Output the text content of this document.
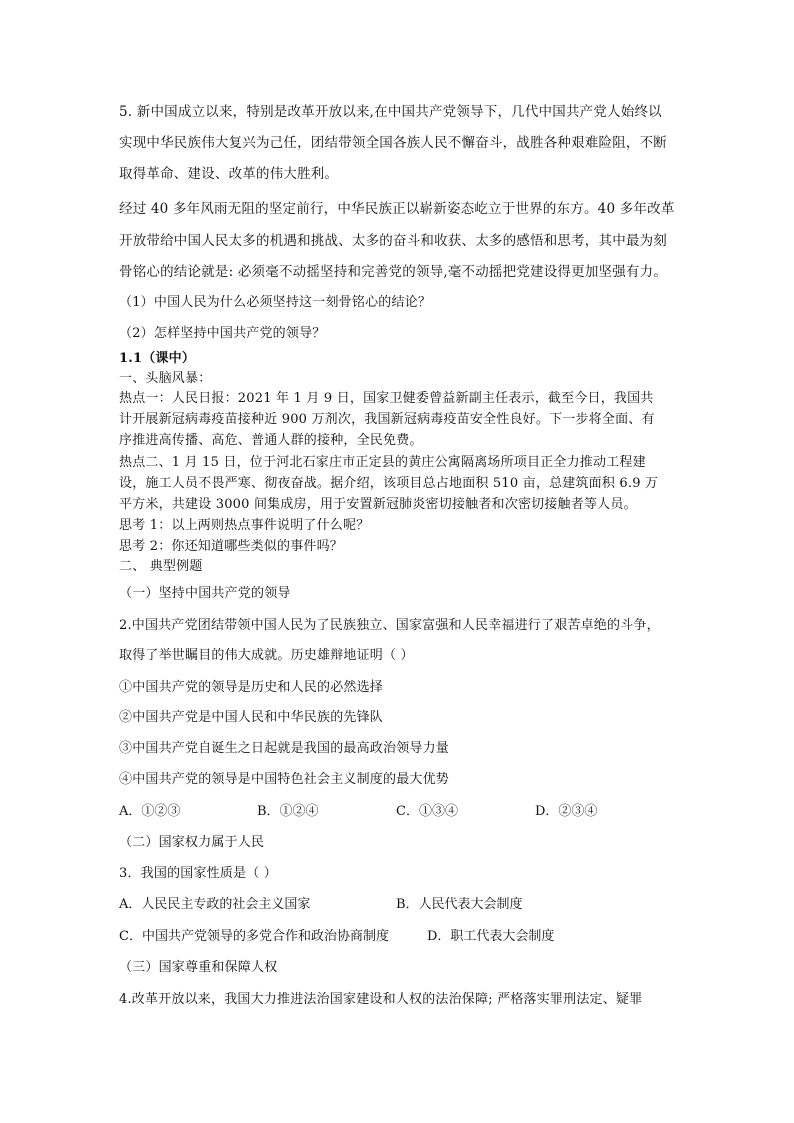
5. 新中国成立以来，特别是改革开放以来,在中国共产党领导下，几代中国共产党人始终以
实现中华民族伟大复兴为己任，团结带领全国各族人民不懈奋斗，战胜各种艰难险阻，不断
取得革命、建设、改革的伟大胜利。
经过 40 多年风雨无阻的坚定前行，中华民族正以崭新姿态屹立于世界的东方。40 多年改革
开放带给中国人民太多的机遇和挑战、太多的奋斗和收获、太多的感悟和思考，其中最为刻
骨铭心的结论就是: 必须毫不动摇坚持和完善党的领导,毫不动摇把党建设得更加坚强有力。
（1）中国人民为什么必须坚持这一刻骨铭心的结论？
（2）怎样坚持中国共产党的领导？
1.1（课中）
一、头脑风暴：
热点一：人民日报：2021 年 1 月 9 日，国家卫健委曾益新副主任表示，截至今日，我国共
计开展新冠病毒疫苗接种近 900 万剂次，我国新冠病毒疫苗安全性良好。下一步将全面、有
序推进高传播、高危、普通人群的接种，全民免费。
热点二、1 月 15 日，位于河北石家庄市正定县的黄庄公寓隔离场所项目正全力推动工程建
设，施工人员不畏严寒、彻夜奋战。据介绍，该项目总占地面积 510 亩，总建筑面积 6.9 万
平方米，共建设 3000 间集成房，用于安置新冠肺炎密切接触者和次密切接触者等人员。
思考 1：以上两则热点事件说明了什么呢？
思考 2：你还知道哪些类似的事件吗？
二、 典型例题
（一）坚持中国共产党的领导
2.中国共产党团结带领中国人民为了民族独立、国家富强和人民幸福进行了艰苦卓绝的斗争，
取得了举世瞩目的伟大成就。历史雄辩地证明（ ）
①中国共产党的领导是历史和人民的必然选择
②中国共产党是中国人民和中华民族的先锋队
③中国共产党自诞生之日起就是我国的最高政治领导力量
④中国共产党的领导是中国特色社会主义制度的最大优势
A．①②③	B．①②④	C．①③④	D．②③④
（二）国家权力属于人民
3．我国的国家性质是（ ）
A．人民民主专政的社会主义国家	B．人民代表大会制度
C．中国共产党领导的多党合作和政治协商制度	D．职工代表大会制度
（三）国家尊重和保障人权
4.改革开放以来，我国大力推进法治国家建设和人权的法治保障; 严格落实罪刑法定、疑罪
